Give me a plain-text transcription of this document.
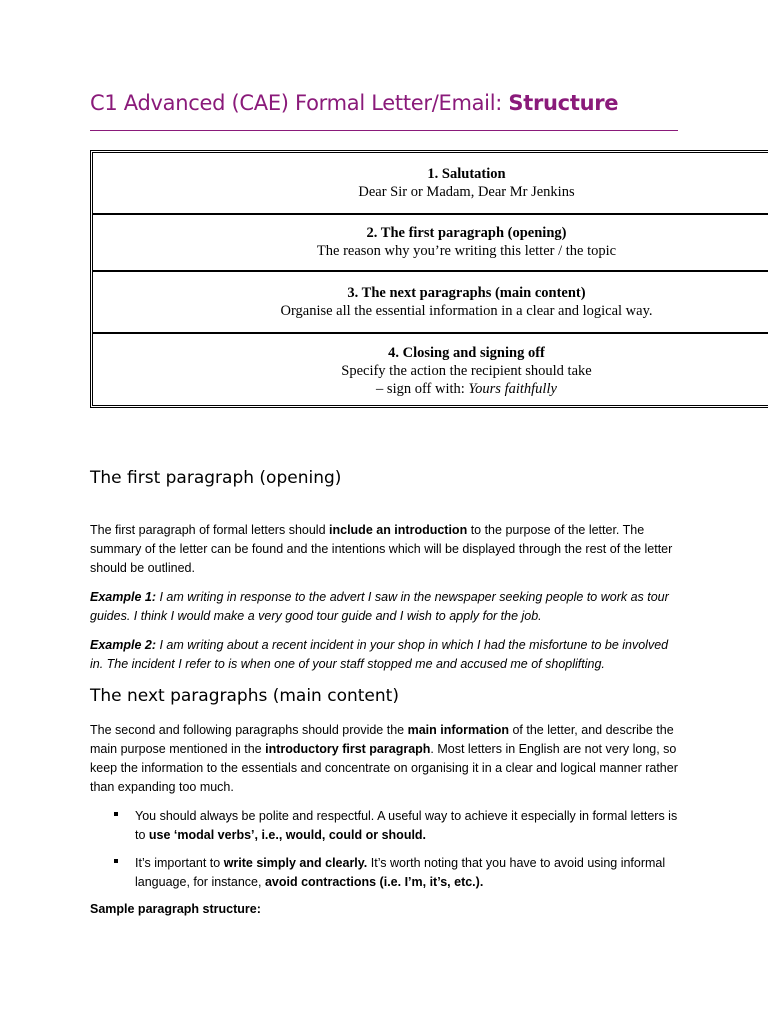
C1 Advanced (CAE) Formal Letter/Email: Structure
1. Salutation
Dear Sir or Madam, Dear Mr Jenkins
2. The first paragraph (opening)
The reason why you’re writing this letter / the topic
3. The next paragraphs (main content)
Organise all the essential information in a clear and logical way.
4. Closing and signing off
Specify the action the recipient should take
– sign off with: Yours faithfully
The first paragraph (opening)
The first paragraph of formal letters should include an introduction to the purpose of the letter. The summary of the letter can be found and the intentions which will be displayed through the rest of the letter should be outlined.
Example 1: I am writing in response to the advert I saw in the newspaper seeking people to work as tour guides. I think I would make a very good tour guide and I wish to apply for the job.
Example 2: I am writing about a recent incident in your shop in which I had the misfortune to be involved in. The incident I refer to is when one of your staff stopped me and accused me of shoplifting.
The next paragraphs (main content)
The second and following paragraphs should provide the main information of the letter, and describe the main purpose mentioned in the introductory first paragraph. Most letters in English are not very long, so keep the information to the essentials and concentrate on organising it in a clear and logical manner rather than expanding too much.
You should always be polite and respectful. A useful way to achieve it especially in formal letters is to use ‘modal verbs’, i.e., would, could or should.
It’s important to write simply and clearly. It’s worth noting that you have to avoid using informal language, for instance, avoid contractions (i.e. I’m, it’s, etc.).
Sample paragraph structure:
